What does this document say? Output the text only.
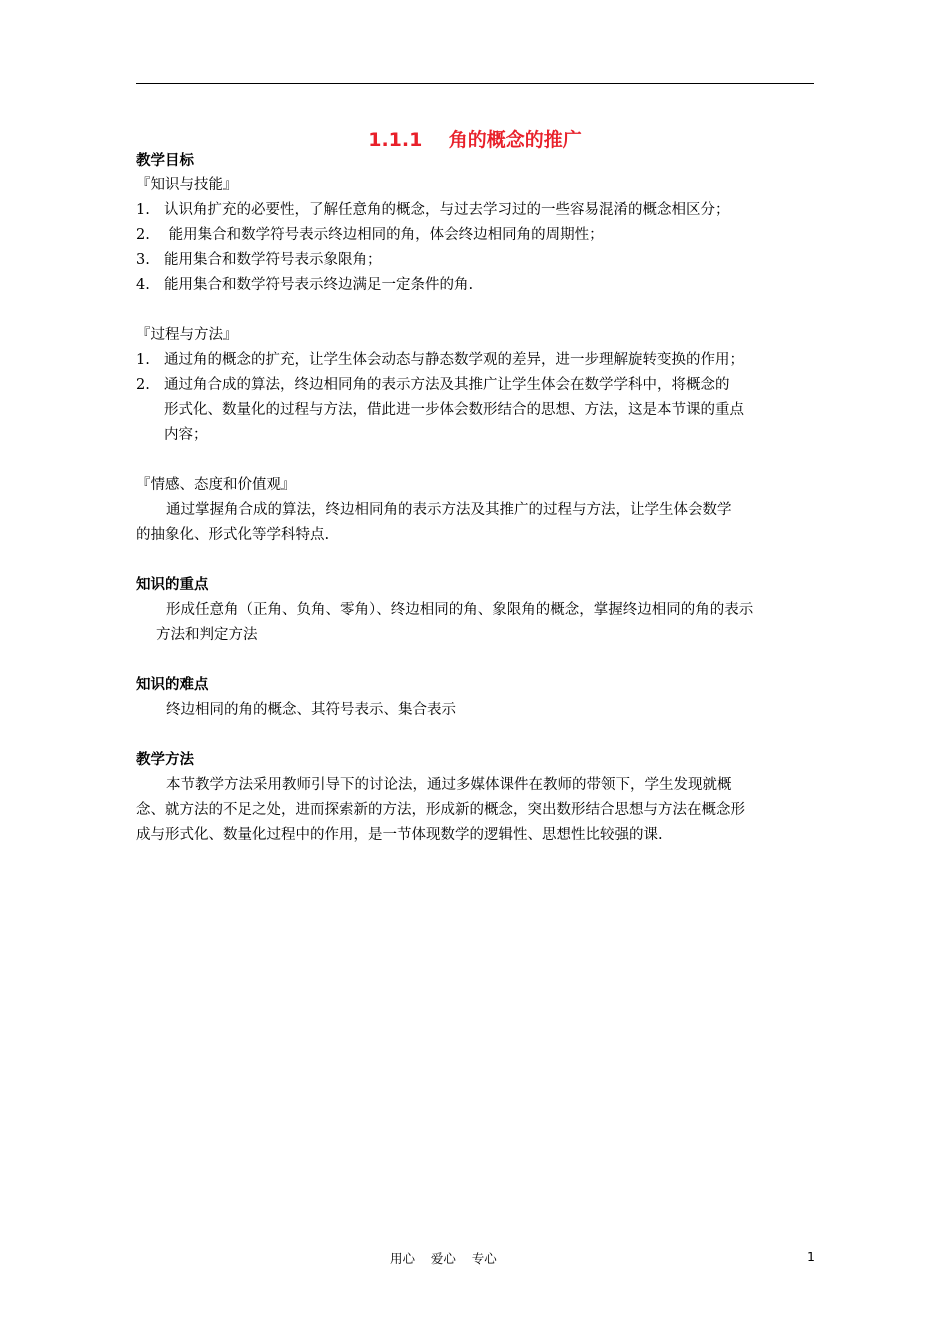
1.1.1    角的概念的推广
教学目标
『知识与技能』
1. 认识角扩充的必要性，了解任意角的概念，与过去学习过的一些容易混淆的概念相区分；
2. 能用集合和数学符号表示终边相同的角，体会终边相同角的周期性；
3. 能用集合和数学符号表示象限角；
4. 能用集合和数学符号表示终边满足一定条件的角.
『过程与方法』
1. 通过角的概念的扩充，让学生体会动态与静态数学观的差异，进一步理解旋转变换的作用；
2. 通过角合成的算法，终边相同角的表示方法及其推广让学生体会在数学学科中，将概念的
形式化、数量化的过程与方法，借此进一步体会数形结合的思想、方法，这是本节课的重点
内容；
『情感、态度和价值观』
通过掌握角合成的算法，终边相同角的表示方法及其推广的过程与方法，让学生体会数学
的抽象化、形式化等学科特点.
知识的重点
形成任意角（正角、负角、零角）、终边相同的角、象限角的概念，掌握终边相同的角的表示
方法和判定方法
知识的难点
终边相同的角的概念、其符号表示、集合表示
教学方法
本节教学方法采用教师引导下的讨论法，通过多媒体课件在教师的带领下，学生发现就概
念、就方法的不足之处，进而探索新的方法，形成新的概念，突出数形结合思想与方法在概念形
成与形式化、数量化过程中的作用，是一节体现数学的逻辑性、思想性比较强的课.
用心    爱心    专心	1
